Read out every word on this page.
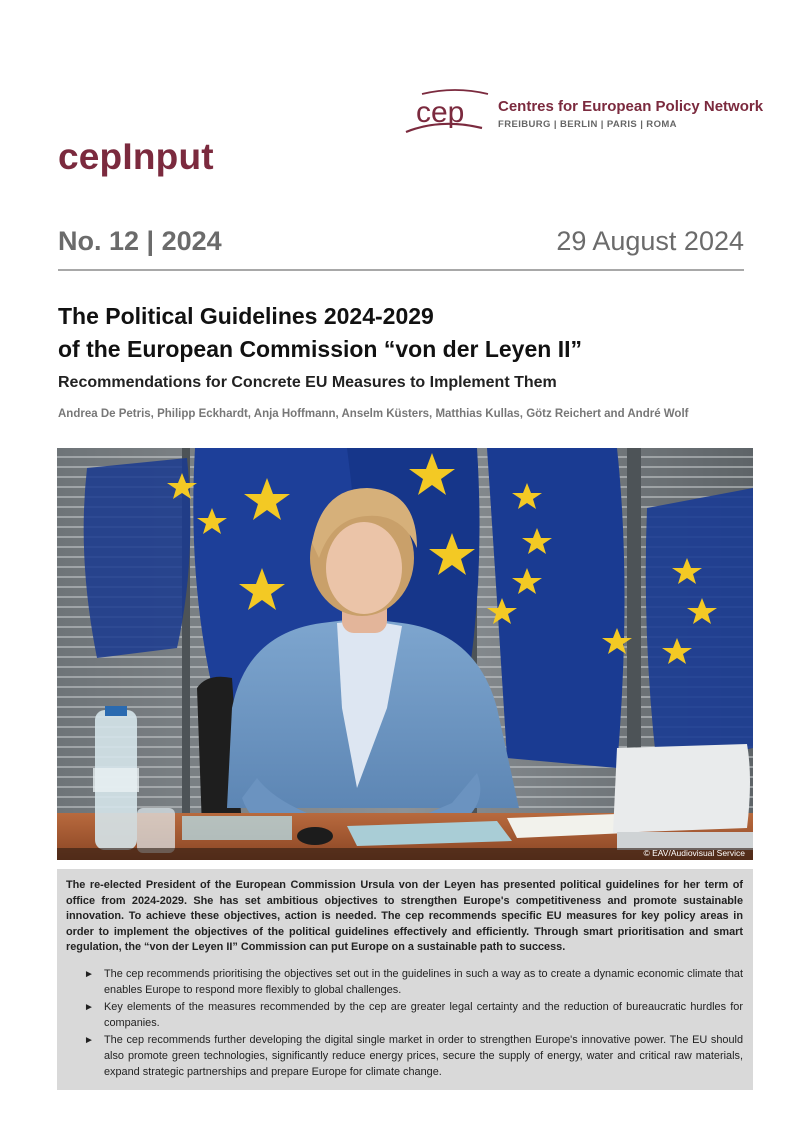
cep Centres for European Policy Network
FREIBURG | BERLIN | PARIS | ROMA
cepInput
No. 12 | 2024	29 August 2024
The Political Guidelines 2024-2029
of the European Commission “von der Leyen II”
Recommendations for Concrete EU Measures to Implement Them
Andrea De Petris, Philipp Eckhardt, Anja Hoffmann, Anselm Küsters, Matthias Kullas, Götz Reichert and André Wolf
© EAV/Audiovisual Service

The re-elected President of the European Commission Ursula von der Leyen has presented political guidelines for her term of office from 2024-2029. She has set ambitious objectives to strengthen Europe's competitiveness and promote sustainable innovation. To achieve these objectives, action is needed. The cep recommends specific EU measures for key policy areas in order to implement the objectives of the political guidelines effectively and efficiently. Through smart prioritisation and smart regulation, the “von der Leyen II” Commission can put Europe on a sustainable path to success.

► The cep recommends prioritising the objectives set out in the guidelines in such a way as to create a dynamic economic climate that enables Europe to respond more flexibly to global challenges.
► Key elements of the measures recommended by the cep are greater legal certainty and the reduction of bureaucratic hurdles for companies.
► The cep recommends further developing the digital single market in order to strengthen Europe's innovative power. The EU should also promote green technologies, significantly reduce energy prices, secure the supply of energy, water and critical raw materials, expand strategic partnerships and prepare Europe for climate change.
